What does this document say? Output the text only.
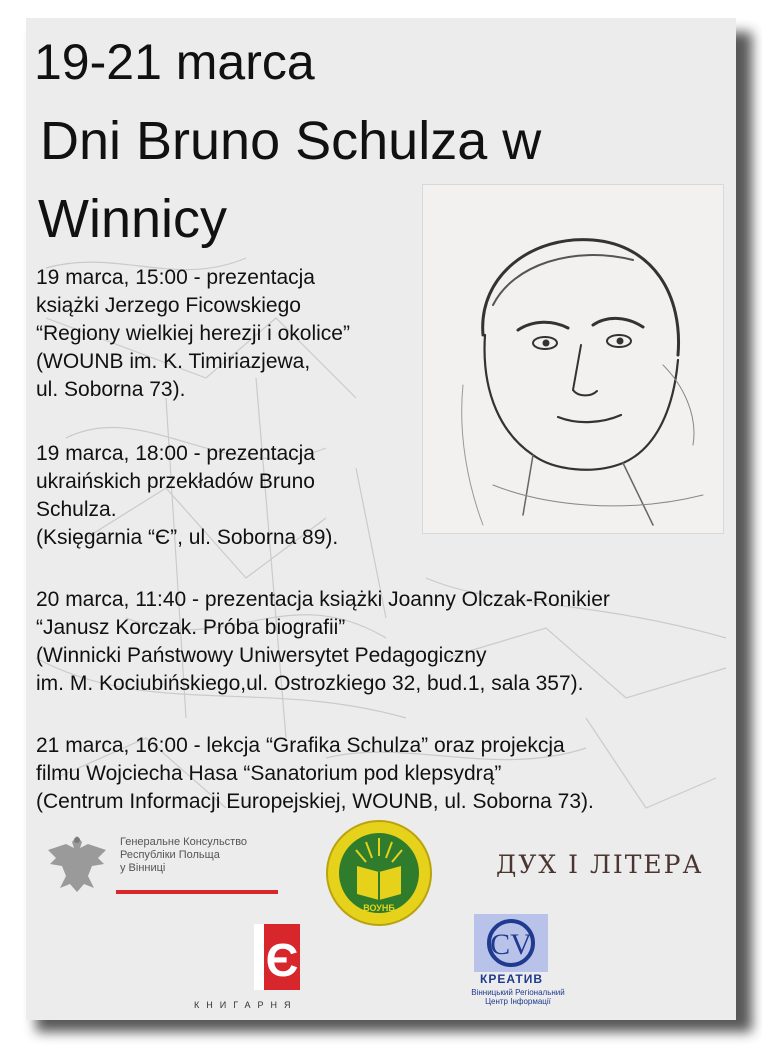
19-21 marca
Dni Bruno Schulza w
Winnicy
19 marca, 15:00 - prezentacja
książki Jerzego Ficowskiego
“Regiony wielkiej herezji i okolice”
(WOUNB im. K. Timiriazjewa,
ul. Soborna 73).
19 marca, 18:00 - prezentacja
ukraińskich przekładów Bruno
Schulza.
(Księgarnia “Є”, ul. Soborna 89).
20 marca, 11:40 - prezentacja książki Joanny Olczak-Ronikier
“Janusz Korczak. Próba biografii”
(Winnicki Państwowy Uniwersytet Pedagogiczny
im. M. Kociubińskiego,ul. Ostrozkiego 32, bud.1, sala 357).
21 marca, 16:00 - lekcja “Grafika Schulza” oraz projekcja
filmu Wojciecha Hasa “Sanatorium pod klepsydrą”
(Centrum Informacji Europejskiej, WOUNB, ul. Soborna 73).
Генеральне Консульство
Республіки Польща
у Вінниці
ВОУНБ
ім. К.А. Тімірязєва
ДУХ І ЛІТЕРА
Є
КНИГАРНЯ
CV
КРЕАТИВ
Вінницький Регіональний
Центр Інформації
